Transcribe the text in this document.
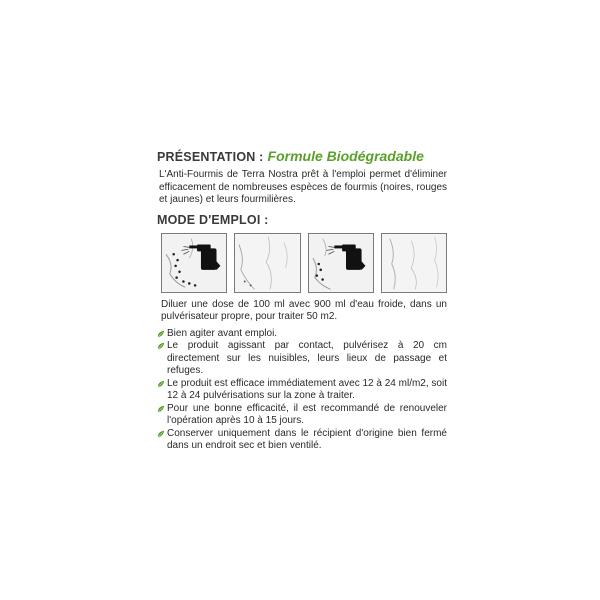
PRÉSENTATION : Formule Biodégradable

L'Anti-Fourmis de Terra Nostra prêt à l'emploi permet d'éliminer efficacement de nombreuses espèces de fourmis (noires, rouges et jaunes) et leurs fourmilières.

MODE D'EMPLOI :

Diluer une dose de 100 ml avec 900 ml d'eau froide, dans un pulvérisateur propre, pour traiter 50 m2.

Bien agiter avant emploi.
Le produit agissant par contact, pulvérisez à 20 cm directement sur les nuisibles, leurs lieux de passage et refuges.
Le produit est efficace immédiatement avec 12 à 24 ml/m2, soit 12 à 24 pulvérisations sur la zone à traiter.
Pour une bonne efficacité, il est recommandé de renouveler l'opération après 10 à 15 jours.
Conserver uniquement dans le récipient d'origine bien fermé dans un endroit sec et bien ventilé.
